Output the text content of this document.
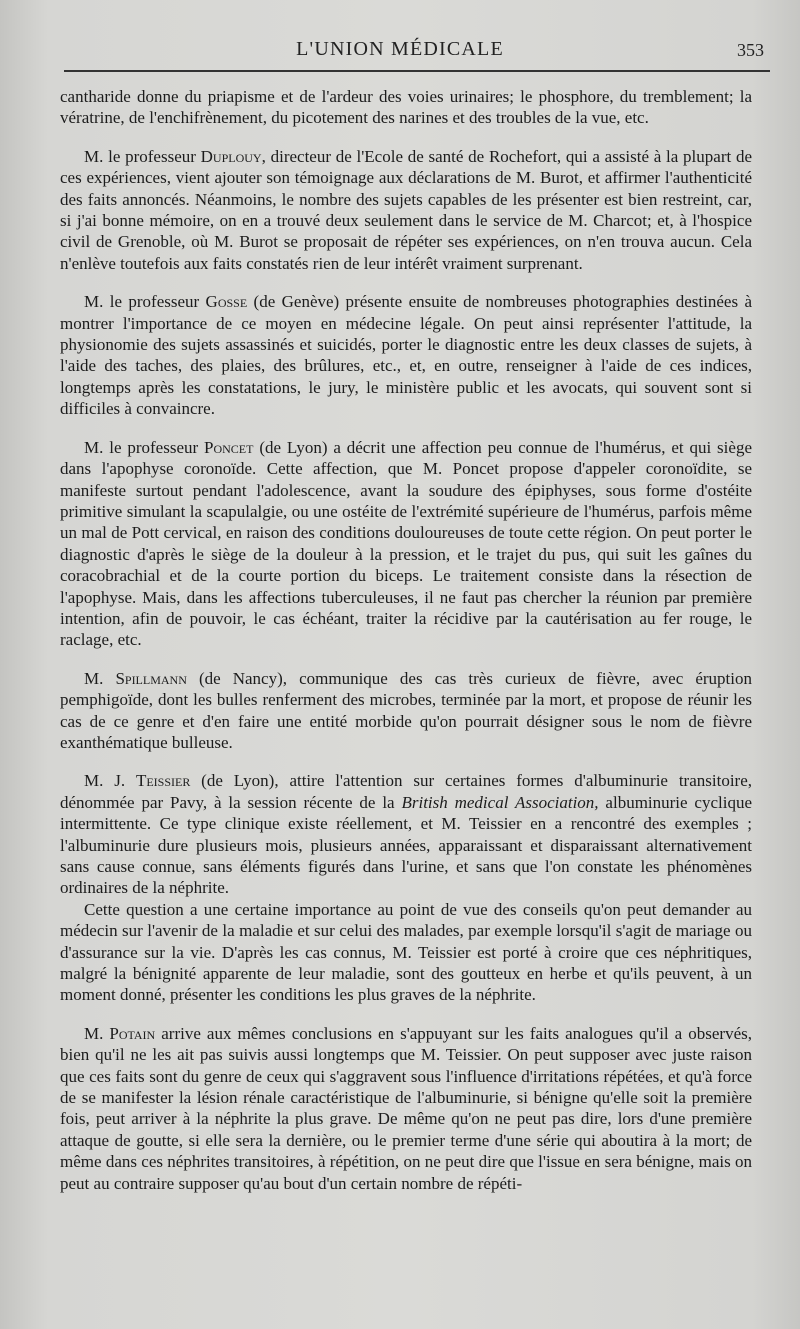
L'UNION MÉDICALE	353

cantharide donne du priapisme et de l'ardeur des voies urinaires; le phosphore, du tremblement; la vératrine, de l'enchifrènement, du picotement des narines et des troubles de la vue, etc.

M. le professeur Duplouy, directeur de l'Ecole de santé de Rochefort, qui a assisté à la plupart de ces expériences, vient ajouter son témoignage aux déclarations de M. Burot, et affirmer l'authenticité des faits annoncés. Néanmoins, le nombre des sujets capables de les présenter est bien restreint, car, si j'ai bonne mémoire, on en a trouvé deux seulement dans le service de M. Charcot; et, à l'hospice civil de Grenoble, où M. Burot se proposait de répéter ses expériences, on n'en trouva aucun. Cela n'enlève toutefois aux faits constatés rien de leur intérêt vraiment surprenant.

M. le professeur Gosse (de Genève) présente ensuite de nombreuses photographies destinées à montrer l'importance de ce moyen en médecine légale. On peut ainsi représenter l'attitude, la physionomie des sujets assassinés et suicidés, porter le diagnostic entre les deux classes de sujets, à l'aide des taches, des plaies, des brûlures, etc., et, en outre, renseigner à l'aide de ces indices, longtemps après les constatations, le jury, le ministère public et les avocats, qui souvent sont si difficiles à convaincre.

M. le professeur Poncet (de Lyon) a décrit une affection peu connue de l'humérus, et qui siège dans l'apophyse coronoïde. Cette affection, que M. Poncet propose d'appeler coronoïdite, se manifeste surtout pendant l'adolescence, avant la soudure des épiphyses, sous forme d'ostéite primitive simulant la scapulalgie, ou une ostéite de l'extrémité supérieure de l'humérus, parfois même un mal de Pott cervical, en raison des conditions douloureuses de toute cette région. On peut porter le diagnostic d'après le siège de la douleur à la pression, et le trajet du pus, qui suit les gaînes du coracobrachial et de la courte portion du biceps. Le traitement consiste dans la résection de l'apophyse. Mais, dans les affections tuberculeuses, il ne faut pas chercher la réunion par première intention, afin de pouvoir, le cas échéant, traiter la récidive par la cautérisation au fer rouge, le raclage, etc.

M. Spillmann (de Nancy), communique des cas très curieux de fièvre, avec éruption pemphigoïde, dont les bulles renferment des microbes, terminée par la mort, et propose de réunir les cas de ce genre et d'en faire une entité morbide qu'on pourrait désigner sous le nom de fièvre exanthématique bulleuse.

M. J. Teissier (de Lyon), attire l'attention sur certaines formes d'albuminurie transitoire, dénommée par Pavy, à la session récente de la British medical Association, albuminurie cyclique intermittente. Ce type clinique existe réellement, et M. Teissier en a rencontré des exemples ; l'albuminurie dure plusieurs mois, plusieurs années, apparaissant et disparaissant alternativement sans cause connue, sans éléments figurés dans l'urine, et sans que l'on constate les phénomènes ordinaires de la néphrite.

Cette question a une certaine importance au point de vue des conseils qu'on peut demander au médecin sur l'avenir de la maladie et sur celui des malades, par exemple lorsqu'il s'agit de mariage ou d'assurance sur la vie. D'après les cas connus, M. Teissier est porté à croire que ces néphritiques, malgré la bénignité apparente de leur maladie, sont des goutteux en herbe et qu'ils peuvent, à un moment donné, présenter les conditions les plus graves de la néphrite.

M. Potain arrive aux mêmes conclusions en s'appuyant sur les faits analogues qu'il a observés, bien qu'il ne les ait pas suivis aussi longtemps que M. Teissier. On peut supposer avec juste raison que ces faits sont du genre de ceux qui s'aggravent sous l'influence d'irritations répétées, et qu'à force de se manifester la lésion rénale caractéristique de l'albuminurie, si bénigne qu'elle soit la première fois, peut arriver à la néphrite la plus grave. De même qu'on ne peut pas dire, lors d'une première attaque de goutte, si elle sera la dernière, ou le premier terme d'une série qui aboutira à la mort; de même dans ces néphrites transitoires, à répétition, on ne peut dire que l'issue en sera bénigne, mais on peut au contraire supposer qu'au bout d'un certain nombre de répéti-
